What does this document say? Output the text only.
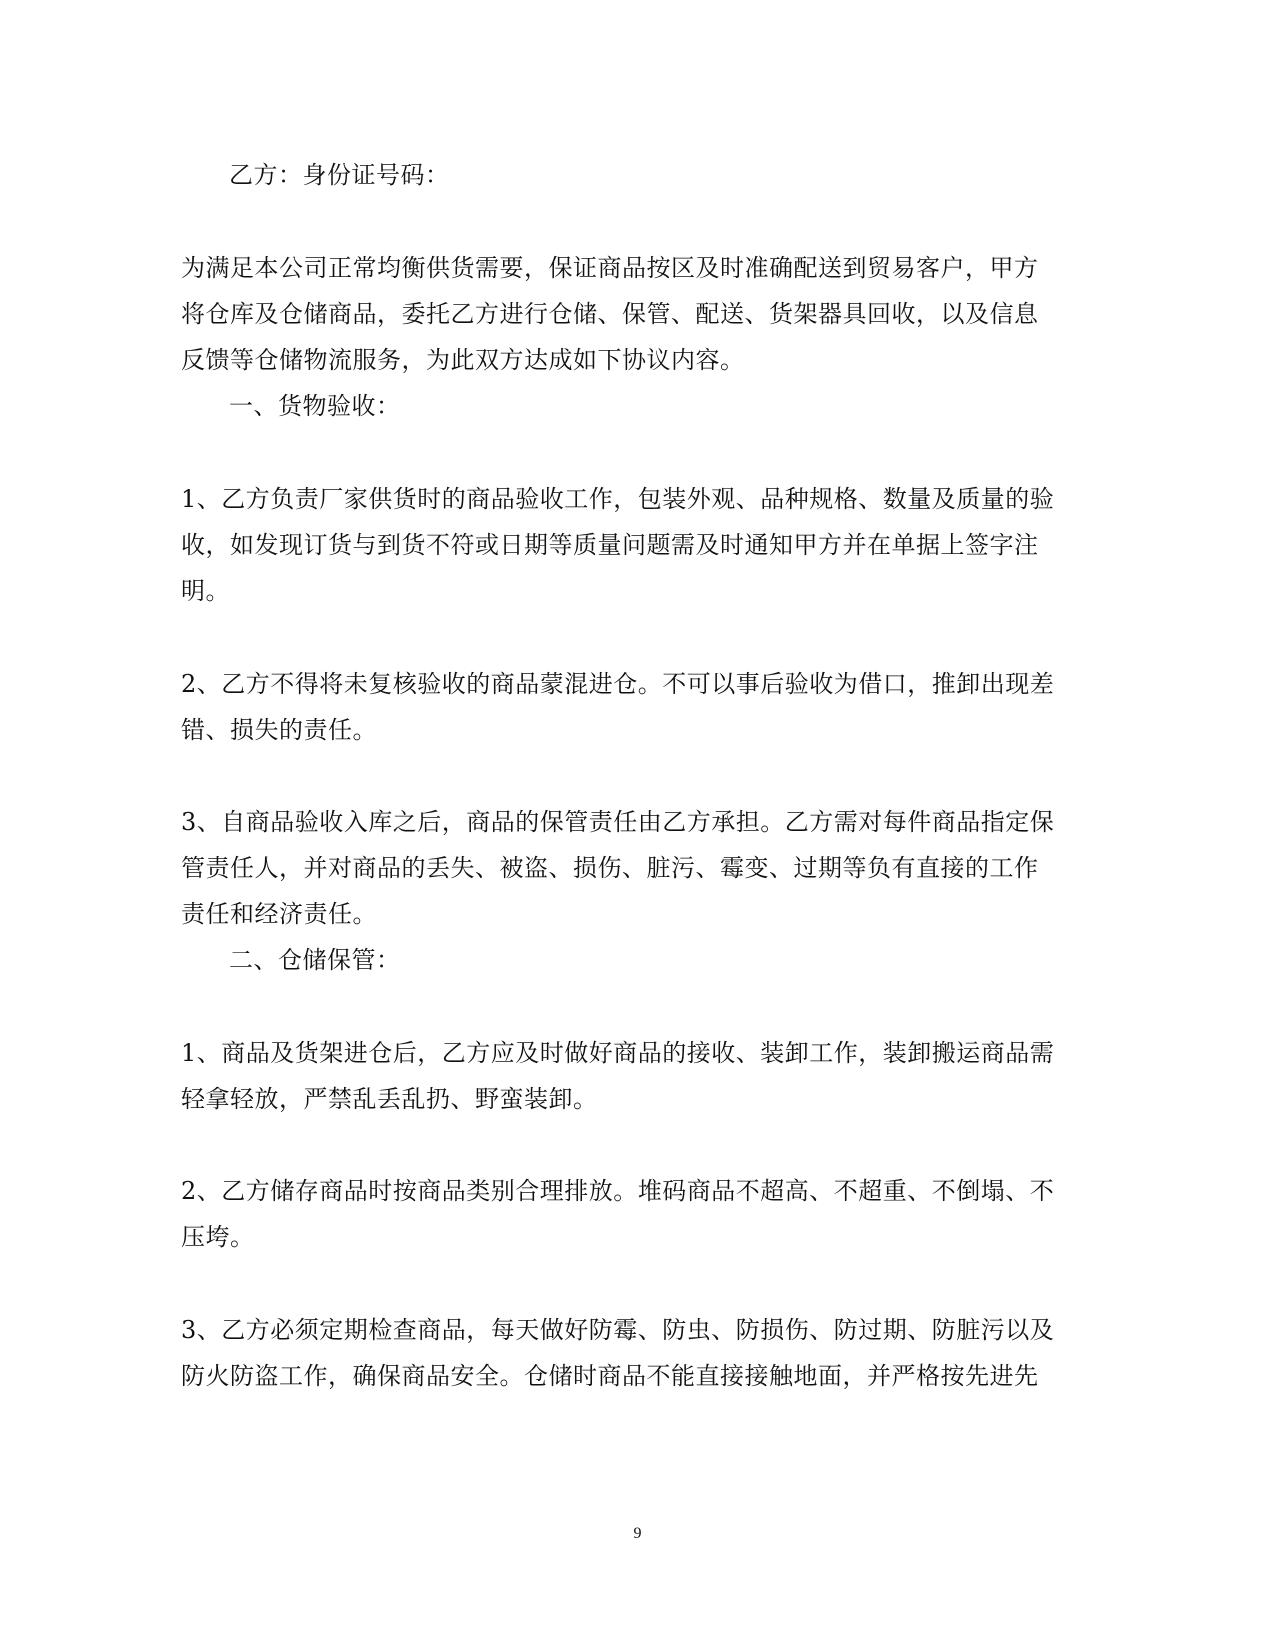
乙方：身份证号码：
为满足本公司正常均衡供货需要，保证商品按区及时准确配送到贸易客户，甲方
将仓库及仓储商品，委托乙方进行仓储、保管、配送、货架器具回收，以及信息
反馈等仓储物流服务，为此双方达成如下协议内容。
一、货物验收：
1、乙方负责厂家供货时的商品验收工作，包装外观、品种规格、数量及质量的验
收，如发现订货与到货不符或日期等质量问题需及时通知甲方并在单据上签字注
明。
2、乙方不得将未复核验收的商品蒙混进仓。不可以事后验收为借口，推卸出现差
错、损失的责任。
3、自商品验收入库之后，商品的保管责任由乙方承担。乙方需对每件商品指定保
管责任人，并对商品的丢失、被盗、损伤、脏污、霉变、过期等负有直接的工作
责任和经济责任。
二、仓储保管：
1、商品及货架进仓后，乙方应及时做好商品的接收、装卸工作，装卸搬运商品需
轻拿轻放，严禁乱丢乱扔、野蛮装卸。
2、乙方储存商品时按商品类别合理排放。堆码商品不超高、不超重、不倒塌、不
压垮。
3、乙方必须定期检查商品，每天做好防霉、防虫、防损伤、防过期、防脏污以及
防火防盗工作，确保商品安全。仓储时商品不能直接接触地面，并严格按先进先
9
